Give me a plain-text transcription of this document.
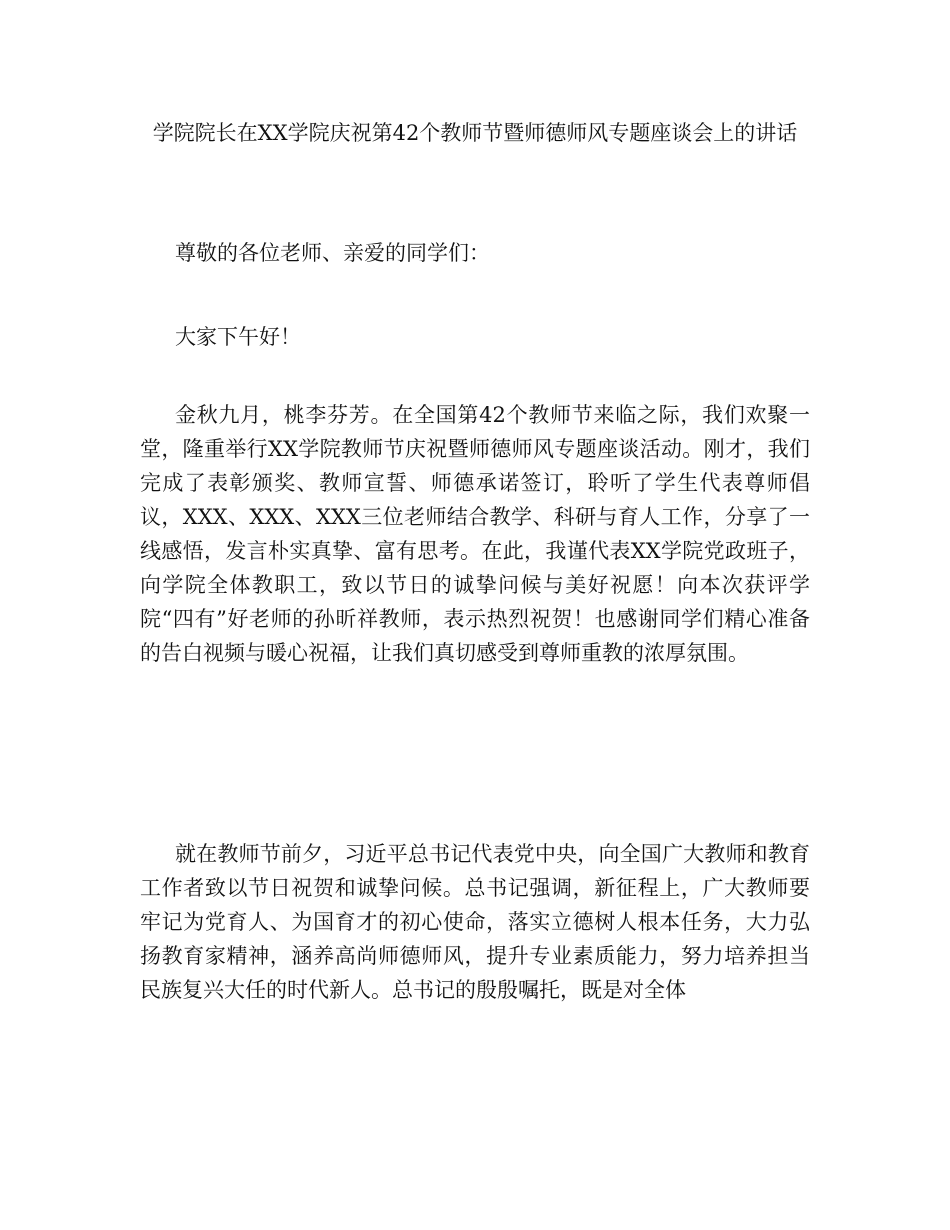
学院院长在XX学院庆祝第42个教师节暨师德师风专题座谈会上的讲话

尊敬的各位老师、亲爱的同学们：

大家下午好！

金秋九月，桃李芬芳。在全国第42个教师节来临之际，我们欢聚一堂，隆重举行XX学院教师节庆祝暨师德师风专题座谈活动。刚才，我们完成了表彰颁奖、教师宣誓、师德承诺签订，聆听了学生代表尊师倡议，XXX、XXX、XXX三位老师结合教学、科研与育人工作，分享了一线感悟，发言朴实真挚、富有思考。在此，我谨代表XX学院党政班子，向学院全体教职工，致以节日的诚挚问候与美好祝愿！向本次获评学院“四有”好老师的孙昕祥教师，表示热烈祝贺！也感谢同学们精心准备的告白视频与暖心祝福，让我们真切感受到尊师重教的浓厚氛围。

就在教师节前夕，习近平总书记代表党中央，向全国广大教师和教育工作者致以节日祝贺和诚挚问候。总书记强调，新征程上，广大教师要牢记为党育人、为国育才的初心使命，落实立德树人根本任务，大力弘扬教育家精神，涵养高尚师德师风，提升专业素质能力，努力培养担当民族复兴大任的时代新人。总书记的殷殷嘱托，既是对全体
